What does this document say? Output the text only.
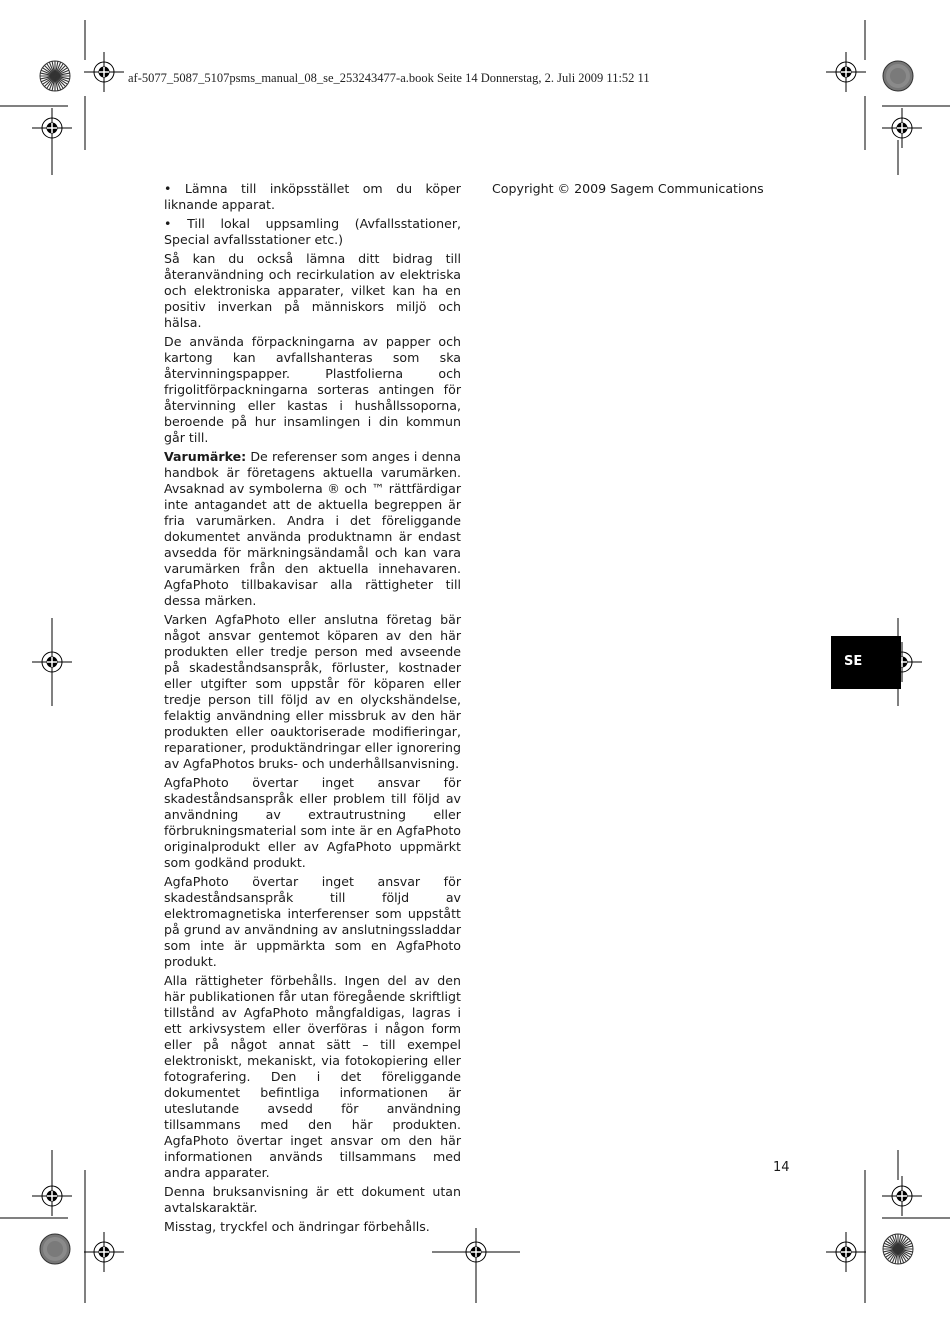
af-5077_5087_5107psms_manual_08_se_253243477-a.book Seite 14 Donnerstag, 2. Juli 2009 11:52 11

• Lämna till inköpsstället om du köper liknande apparat.

• Till lokal uppsamling (Avfallsstationer, Special avfallsstationer etc.)

Så kan du också lämna ditt bidrag till återanvändning och recirkulation av elektriska och elektroniska apparater, vilket kan ha en positiv inverkan på människors miljö och hälsa.

De använda förpackningarna av papper och kartong kan avfallshanteras som ska återvinningspapper. Plastfolierna och frigolitförpackningarna sorteras antingen för återvinning eller kastas i hushållssoporna, beroende på hur insamlingen i din kommun går till.

Varumärke: De referenser som anges i denna handbok är företagens aktuella varumärken. Avsaknad av symbolerna ® och ™ rättfärdigar inte antagandet att de aktuella begreppen är fria varumärken. Andra i det föreliggande dokumentet använda produktnamn är endast avsedda för märkningsändamål och kan vara varumärken från den aktuella innehavaren. AgfaPhoto tillbakavisar alla rättigheter till dessa märken.

Varken AgfaPhoto eller anslutna företag bär något ansvar gentemot köparen av den här produkten eller tredje person med avseende på skadeståndsanspråk, förluster, kostnader eller utgifter som uppstår för köparen eller tredje person till följd av en olyckshändelse, felaktig användning eller missbruk av den här produkten eller oauktoriserade modifieringar, reparationer, produktändringar eller ignorering av AgfaPhotos bruks- och underhållsanvisning.

AgfaPhoto övertar inget ansvar för skadeståndsanspråk eller problem till följd av användning av extrautrustning eller förbrukningsmaterial som inte är en AgfaPhoto originalprodukt eller av AgfaPhoto uppmärkt som godkänd produkt.

AgfaPhoto övertar inget ansvar för skadeståndsanspråk till följd av elektromagnetiska interferenser som uppstått på grund av användning av anslutningssladdar som inte är uppmärkta som en AgfaPhoto produkt.

Alla rättigheter förbehålls. Ingen del av den här publikationen får utan föregående skriftligt tillstånd av AgfaPhoto mångfaldigas, lagras i ett arkivsystem eller överföras i någon form eller på något annat sätt – till exempel elektroniskt, mekaniskt, via fotokopiering eller fotografering. Den i det föreliggande dokumentet befintliga informationen är uteslutande avsedd för användning tillsammans med den här produkten. AgfaPhoto övertar inget ansvar om den här informationen används tillsammans med andra apparater.

Denna bruksanvisning är ett dokument utan avtalskaraktär.

Misstag, tryckfel och ändringar förbehålls.

Copyright © 2009 Sagem Communications
SE
14
